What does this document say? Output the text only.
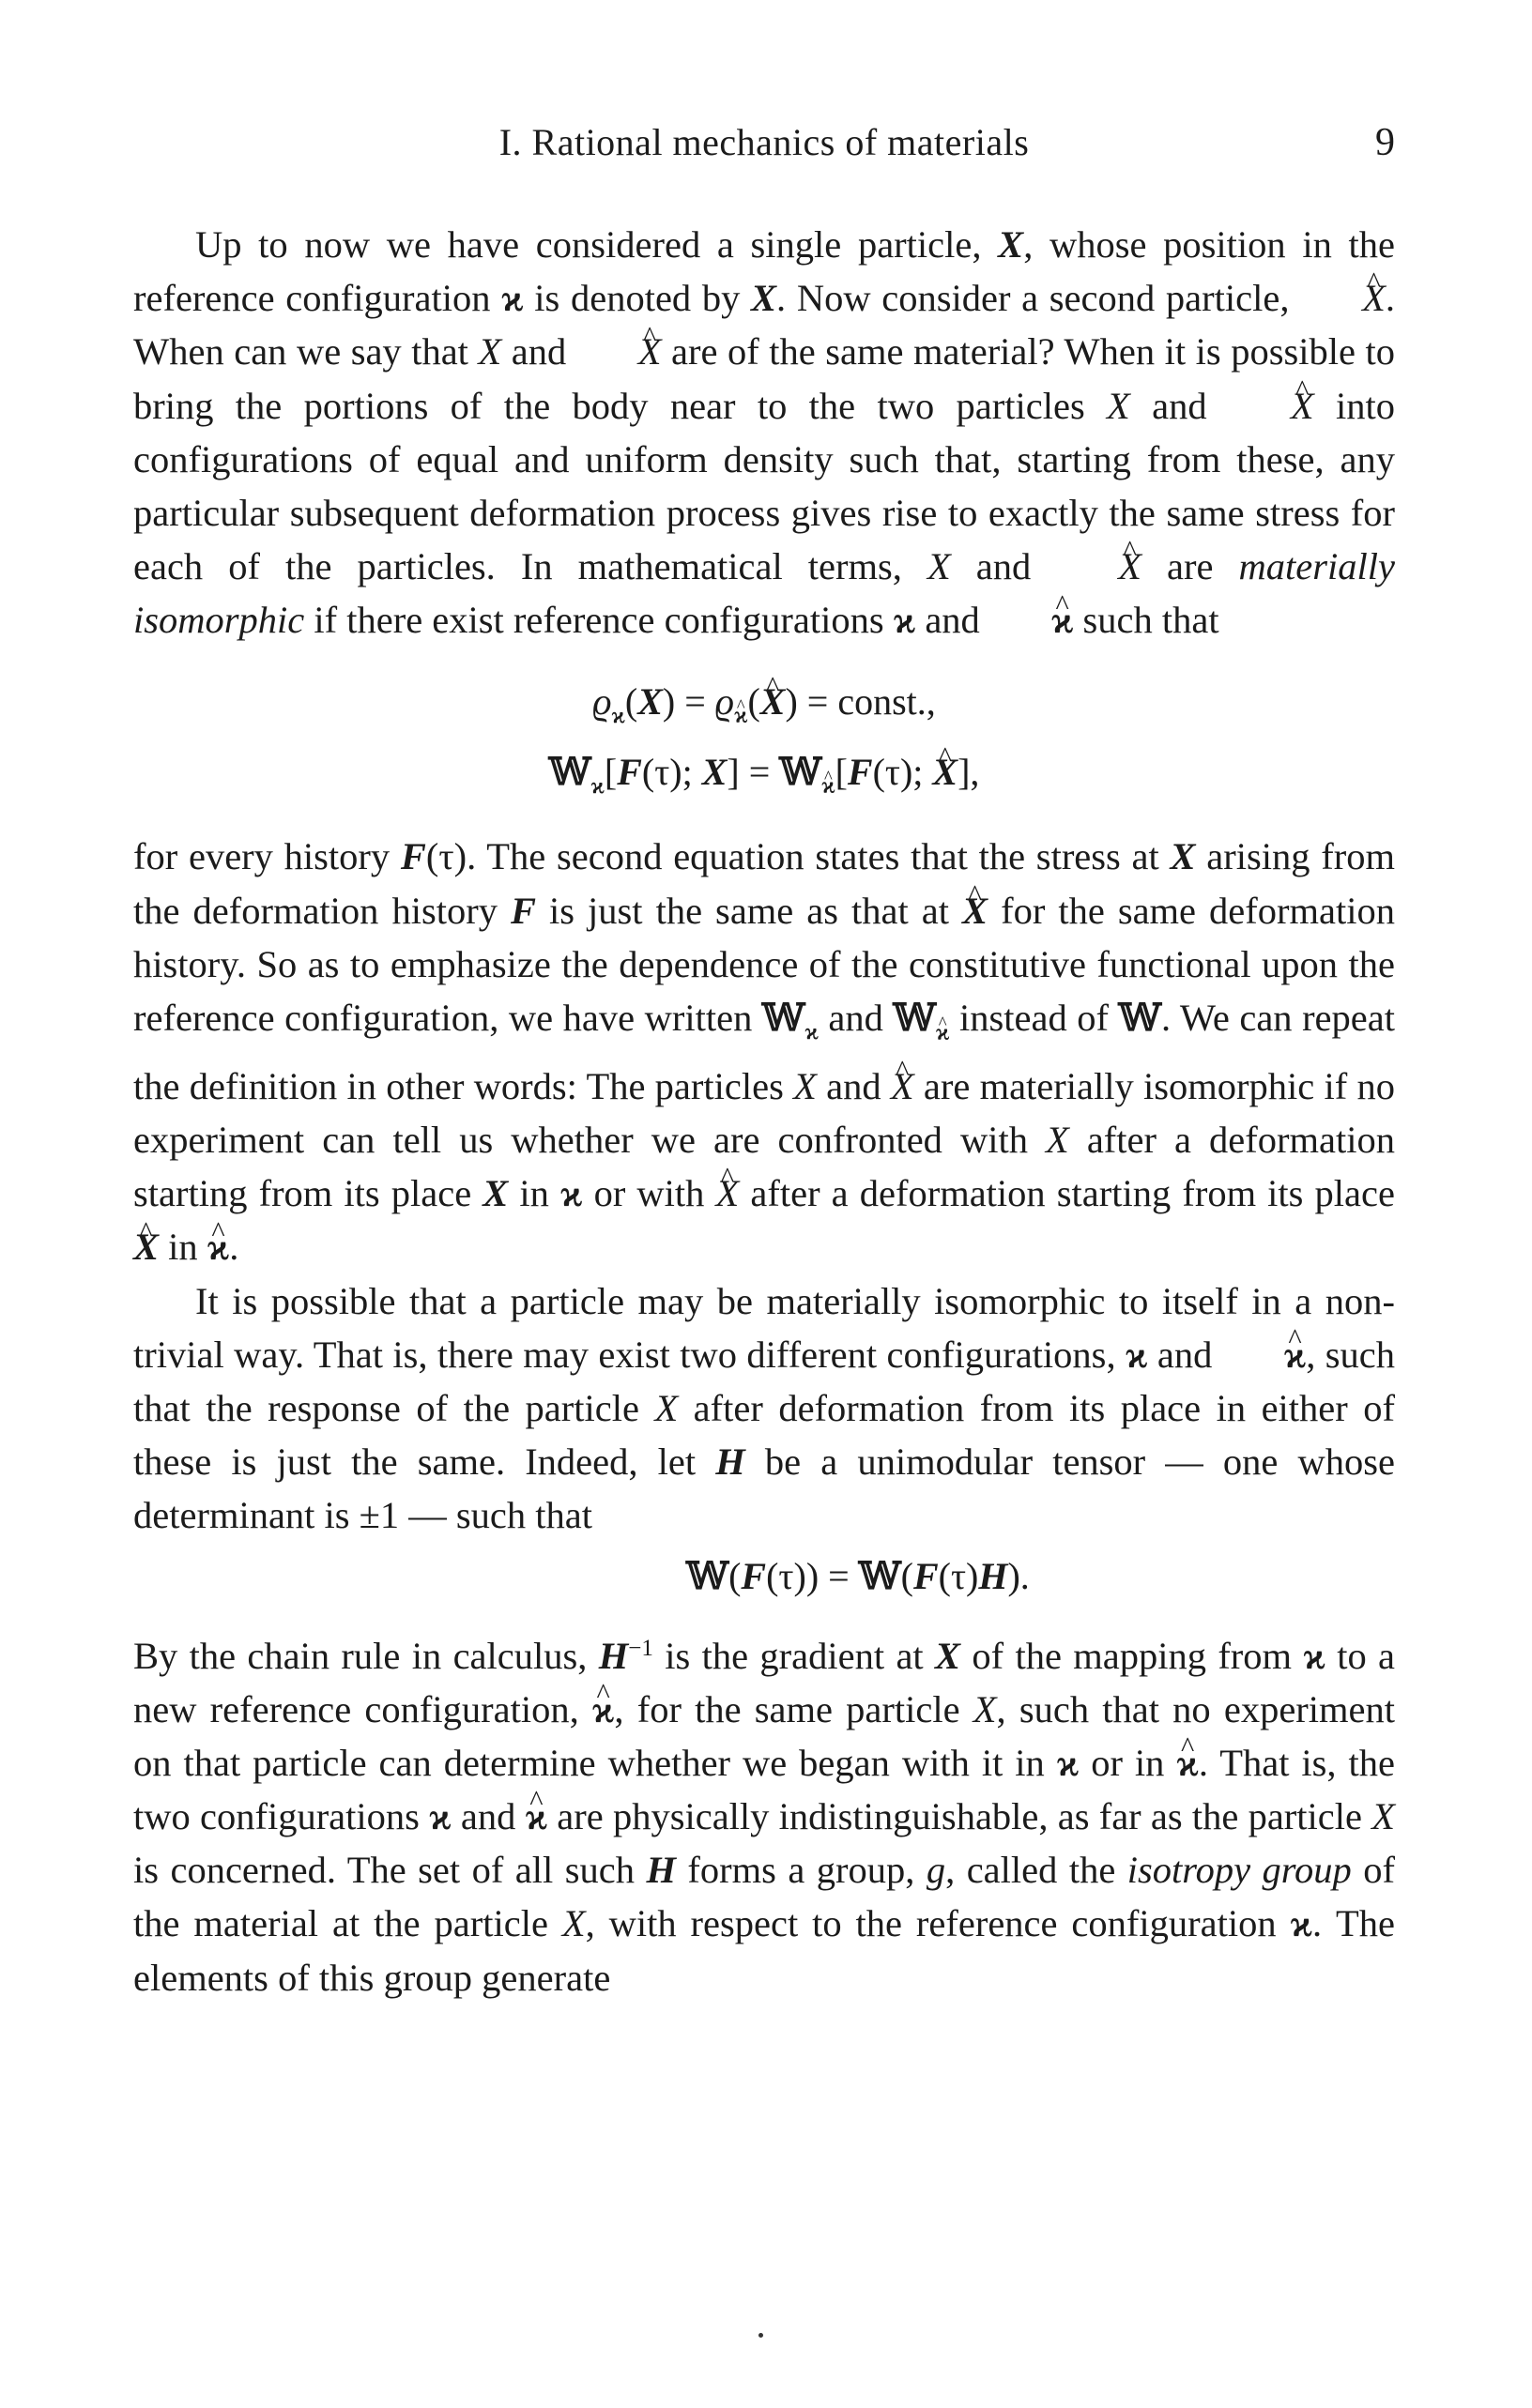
I. Rational mechanics of materials	9

Up to now we have considered a single particle, X, whose position in the reference configuration ϰ is denoted by X. Now consider a second particle, ^ X. When can we say that X and ^ X are of the same material? When it is possible to bring the portions of the body near to the two particles X and ^ X into configurations of equal and uniform density such that, starting from these, any particular subsequent deformation process gives rise to exactly the same stress for each of the particles. In mathematical terms, X and ^ X are materially isomorphic if there exist reference configurations ϰ and ^ ϰ such that

$ϱ_ϰ(X)$ = ϱ^ ϰ(^ X) = const.,
𝕎$_ϰ$[F(τ); X] = 𝕎^ ϰ[F(τ); ^ X],

for every history F(τ). The second equation states that the stress at X arising from the deformation history F is just the same as that at ^ X for the same deformation history. So as to emphasize the dependence of the constitutive functional upon the reference configuration, we have written 𝕎$_ϰ$ and 𝕎^ ϰ instead of 𝕎. We can repeat the definition in other words: The particles X and ^ X are materially isomorphic if no experiment can tell us whether we are confronted with X after a deformation starting from its place X in ϰ or with ^ X after a deformation starting from its place ^ X in ^ ϰ.

It is possible that a particle may be materially isomorphic to itself in a non-trivial way. That is, there may exist two different configurations, ϰ and ^ ϰ, such that the response of the particle X after deformation from its place in either of these is just the same. Indeed, let H be a unimodular tensor — one whose determinant is ±1 — such that

𝕎(F(τ)) = 𝕎(F(τ)H).

By the chain rule in calculus, $H^{-1}$ is the gradient at X of the mapping from ϰ to a new reference configuration, ^ ϰ, for the same particle X, such that no experiment on that particle can determine whether we began with it in ϰ or in ^ ϰ. That is, the two configurations ϰ and ^ ϰ are physically indistinguishable, as far as the particle X is concerned. The set of all such H forms a group, g, called the isotropy group of the material at the particle X, with respect to the reference configuration ϰ. The elements of this group generate
